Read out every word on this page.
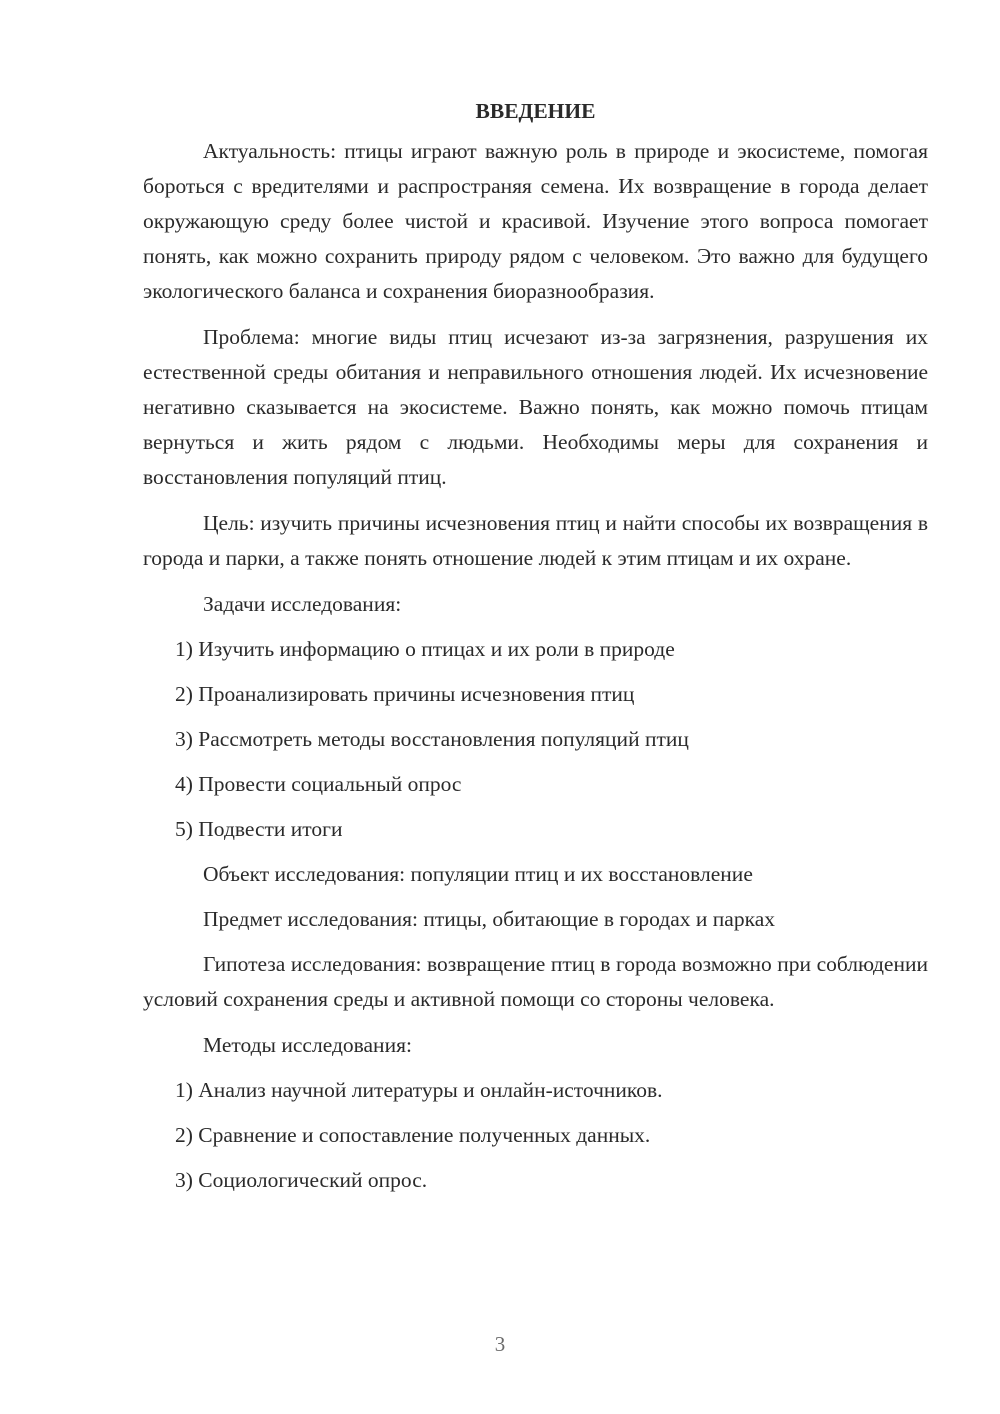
ВВЕДЕНИЕ

Актуальность: птицы играют важную роль в природе и экосистеме, помогая бороться с вредителями и распространяя семена. Их возвращение в города делает окружающую среду более чистой и красивой. Изучение этого вопроса помогает понять, как можно сохранить природу рядом с человеком. Это важно для будущего экологического баланса и сохранения биоразнообразия.

Проблема: многие виды птиц исчезают из-за загрязнения, разрушения их естественной среды обитания и неправильного отношения людей. Их исчезновение негативно сказывается на экосистеме. Важно понять, как можно помочь птицам вернуться и жить рядом с людьми. Необходимы меры для сохранения и восстановления популяций птиц.

Цель: изучить причины исчезновения птиц и найти способы их возвращения в города и парки, а также понять отношение людей к этим птицам и их охране.

Задачи исследования:
1) Изучить информацию о птицах и их роли в природе
2) Проанализировать причины исчезновения птиц
3) Рассмотреть методы восстановления популяций птиц
4) Провести социальный опрос
5) Подвести итоги
Объект исследования: популяции птиц и их восстановление
Предмет исследования: птицы, обитающие в городах и парках

Гипотеза исследования: возвращение птиц в города возможно при соблюдении условий сохранения среды и активной помощи со стороны человека.

Методы исследования:
1) Анализ научной литературы и онлайн-источников.
2) Сравнение и сопоставление полученных данных.
3) Социологический опрос.
3
